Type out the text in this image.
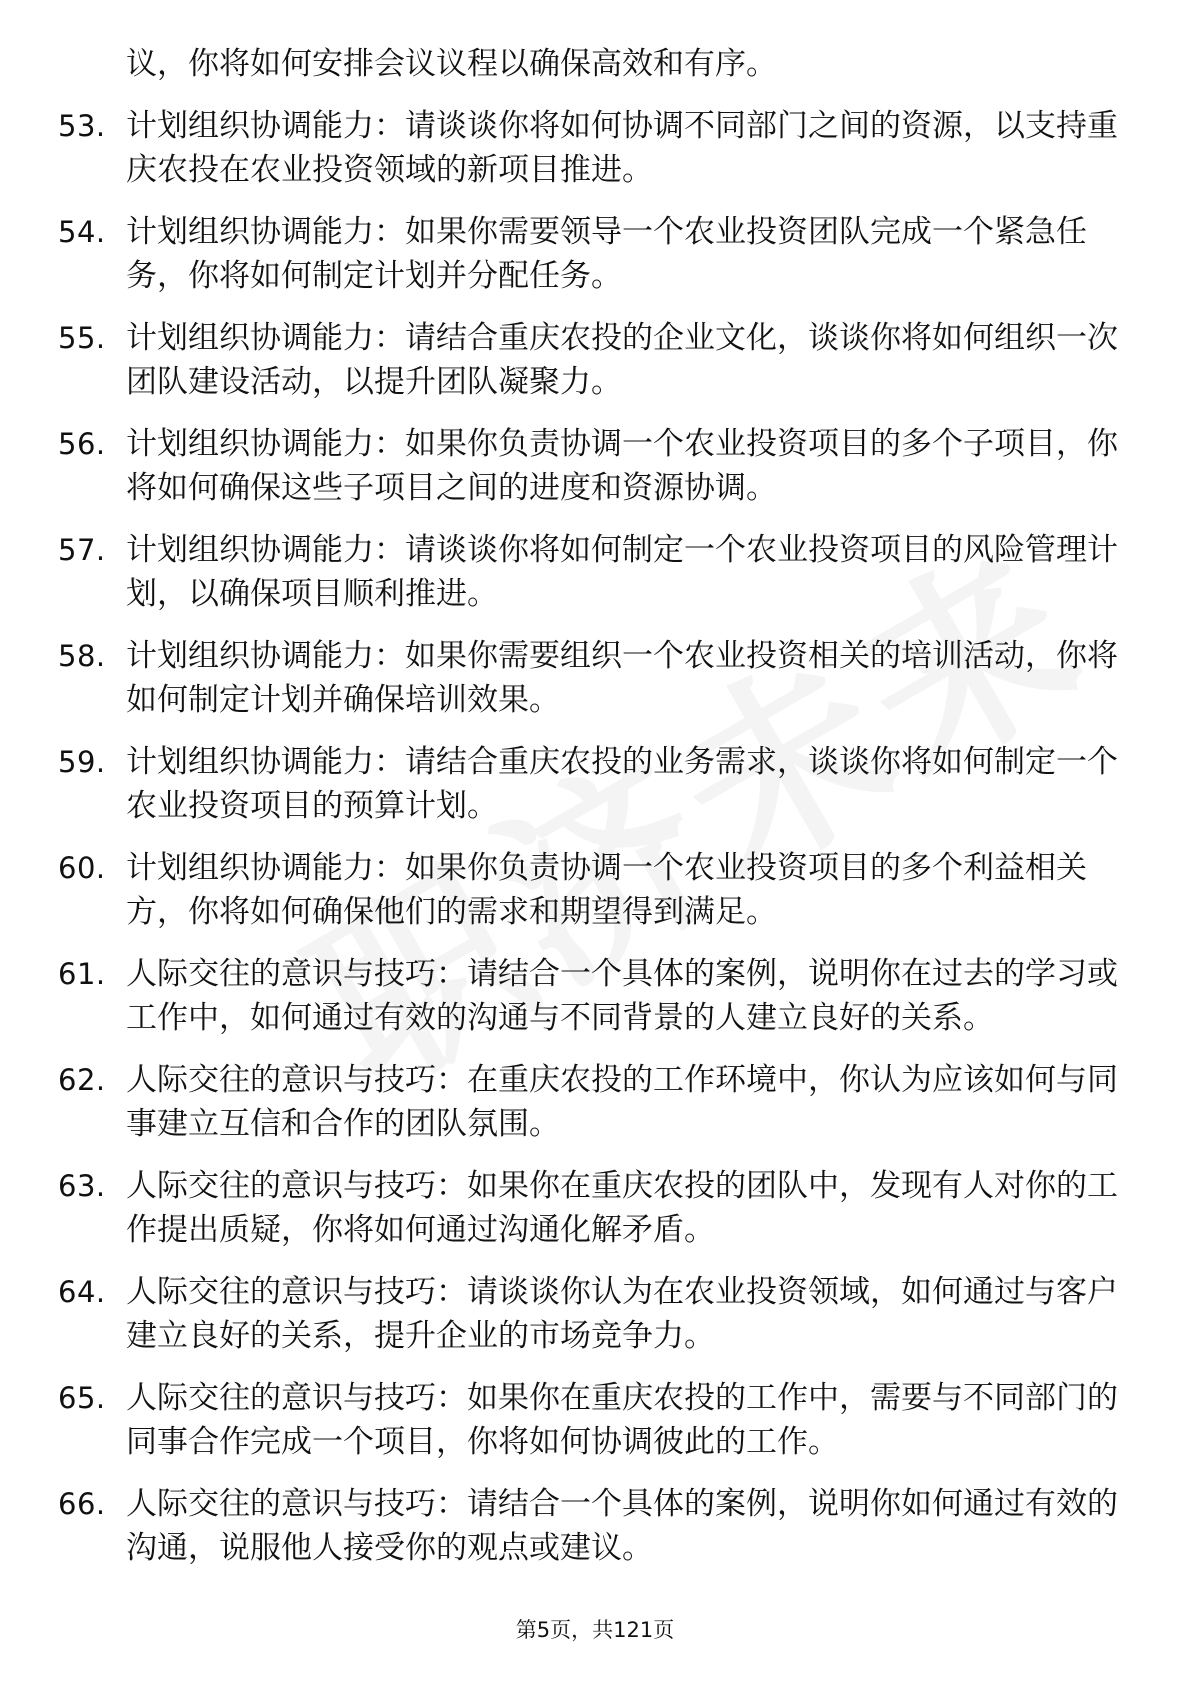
议，你将如何安排会议议程以确保高效和有序。
53. 计划组织协调能力：请谈谈你将如何协调不同部门之间的资源，以支持重庆农投在农业投资领域的新项目推进。
54. 计划组织协调能力：如果你需要领导一个农业投资团队完成一个紧急任务，你将如何制定计划并分配任务。
55. 计划组织协调能力：请结合重庆农投的企业文化，谈谈你将如何组织一次团队建设活动，以提升团队凝聚力。
56. 计划组织协调能力：如果你负责协调一个农业投资项目的多个子项目，你将如何确保这些子项目之间的进度和资源协调。
57. 计划组织协调能力：请谈谈你将如何制定一个农业投资项目的风险管理计划，以确保项目顺利推进。
58. 计划组织协调能力：如果你需要组织一个农业投资相关的培训活动，你将如何制定计划并确保培训效果。
59. 计划组织协调能力：请结合重庆农投的业务需求，谈谈你将如何制定一个农业投资项目的预算计划。
60. 计划组织协调能力：如果你负责协调一个农业投资项目的多个利益相关方，你将如何确保他们的需求和期望得到满足。
61. 人际交往的意识与技巧：请结合一个具体的案例，说明你在过去的学习或工作中，如何通过有效的沟通与不同背景的人建立良好的关系。
62. 人际交往的意识与技巧：在重庆农投的工作环境中，你认为应该如何与同事建立互信和合作的团队氛围。
63. 人际交往的意识与技巧：如果你在重庆农投的团队中，发现有人对你的工作提出质疑，你将如何通过沟通化解矛盾。
64. 人际交往的意识与技巧：请谈谈你认为在农业投资领域，如何通过与客户建立良好的关系，提升企业的市场竞争力。
65. 人际交往的意识与技巧：如果你在重庆农投的工作中，需要与不同部门的同事合作完成一个项目，你将如何协调彼此的工作。
66. 人际交往的意识与技巧：请结合一个具体的案例，说明你如何通过有效的沟通，说服他人接受你的观点或建议。
第5页，共121页
